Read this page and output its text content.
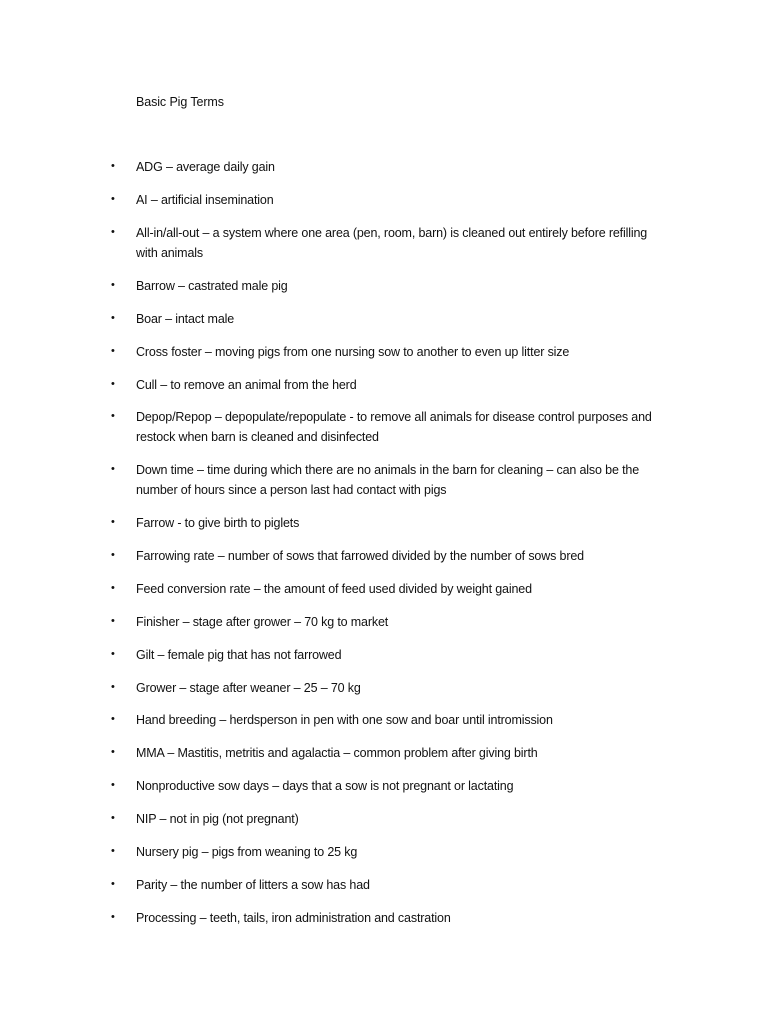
Basic Pig Terms
• ADG – average daily gain
• AI – artificial insemination
• All-in/all-out – a system where one area (pen, room, barn) is cleaned out entirely before refilling
with animals
• Barrow – castrated male pig
• Boar – intact male
• Cross foster – moving pigs from one nursing sow to another to even up litter size
• Cull – to remove an animal from the herd
• Depop/Repop – depopulate/repopulate - to remove all animals for disease control purposes and
restock when barn is cleaned and disinfected
• Down time – time during which there are no animals in the barn for cleaning – can also be the
number of hours since a person last had contact with pigs
• Farrow - to give birth to piglets
• Farrowing rate – number of sows that farrowed divided by the number of sows bred
• Feed conversion rate – the amount of feed used divided by weight gained
• Finisher – stage after grower – 70 kg to market
• Gilt – female pig that has not farrowed
• Grower – stage after weaner – 25 – 70 kg
• Hand breeding – herdsperson in pen with one sow and boar until intromission
• MMA – Mastitis, metritis and agalactia – common problem after giving birth
• Nonproductive sow days – days that a sow is not pregnant or lactating
• NIP – not in pig (not pregnant)
• Nursery pig – pigs from weaning to 25 kg
• Parity – the number of litters a sow has had
• Processing – teeth, tails, iron administration and castration
